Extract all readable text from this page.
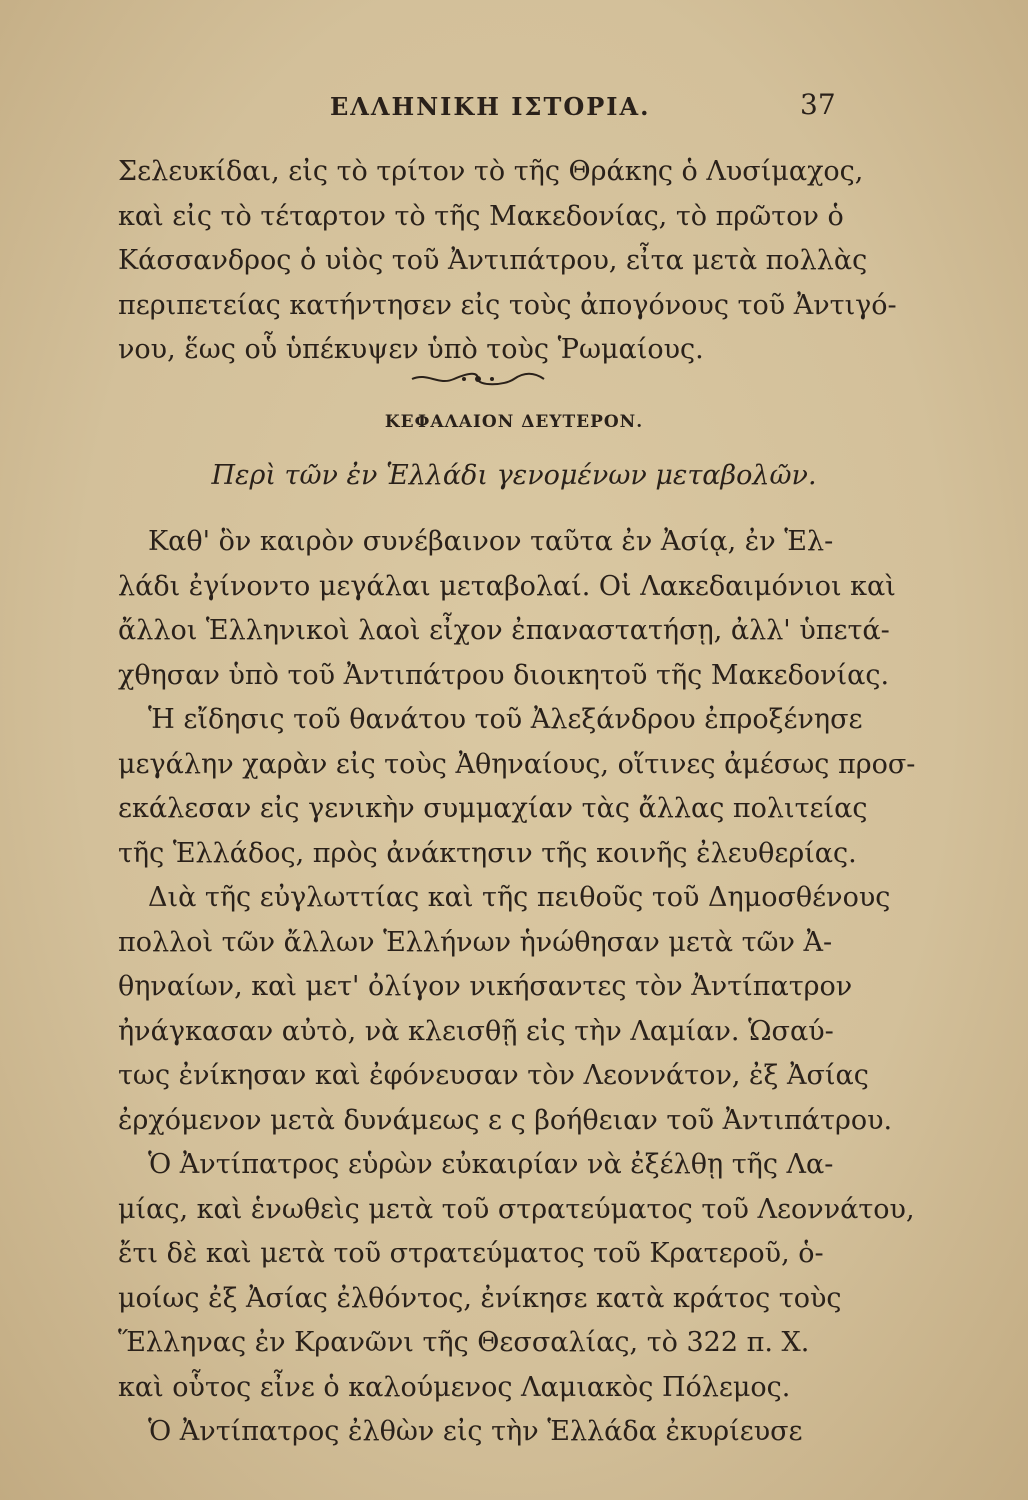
ΕΛΛΗΝΙΚΗ ΙΣΤΟΡΙΑ.	37
Σελευκίδαι, εἰς τὸ τρίτον τὸ τῆς Θράκης ὁ Λυσίμαχος,
καὶ εἰς τὸ τέταρτον τὸ τῆς Μακεδονίας, τὸ πρῶτον ὁ
Κάσσανδρος ὁ υἱὸς τοῦ Ἀντιπάτρου, εἶτα μετὰ πολλὰς
περιπετείας κατήντησεν εἰς τοὺς ἀπογόνους τοῦ Ἀντιγό-
νου, ἕως οὗ ὑπέκυψεν ὑπὸ τοὺς Ῥωμαίους.
ΚΕΦΑΛΑΙΟΝ ΔΕΥΤΕΡΟΝ.
Περὶ τῶν ἐν Ἑλλάδι γενομένων μεταβολῶν.
Καθ' ὃν καιρὸν συνέβαινον ταῦτα ἐν Ἀσίᾳ, ἐν Ἑλ-
λάδι ἐγίνοντο μεγάλαι μεταβολαί. Οἱ Λακεδαιμόνιοι καὶ
ἄλλοι Ἑλληνικοὶ λαοὶ εἶχον ἐπαναστατήσῃ, ἀλλ' ὑπετά-
χθησαν ὑπὸ τοῦ Ἀντιπάτρου διοικητοῦ τῆς Μακεδονίας.
Ἡ εἴδησις τοῦ θανάτου τοῦ Ἀλεξάνδρου ἐπροξένησε
μεγάλην χαρὰν εἰς τοὺς Ἀθηναίους, οἵτινες ἀμέσως προσ-
εκάλεσαν εἰς γενικὴν συμμαχίαν τὰς ἄλλας πολιτείας
τῆς Ἑλλάδος, πρὸς ἀνάκτησιν τῆς κοινῆς ἐλευθερίας.
Διὰ τῆς εὐγλωττίας καὶ τῆς πειθοῦς τοῦ Δημοσθένους
πολλοὶ τῶν ἄλλων Ἑλλήνων ἡνώθησαν μετὰ τῶν Ἀ-
θηναίων, καὶ μετ' ὀλίγον νικήσαντες τὸν Ἀντίπατρον
ἠνάγκασαν αὐτὸ, νὰ κλεισθῇ εἰς τὴν Λαμίαν. Ὡσαύ-
τως ἐνίκησαν καὶ ἐφόνευσαν τὸν Λεοννάτον, ἐξ Ἀσίας
ἐρχόμενον μετὰ δυνάμεως ε ς βοήθειαν τοῦ Ἀντιπάτρου.
Ὁ Ἀντίπατρος εὑρὼν εὐκαιρίαν νὰ ἐξέλθῃ τῆς Λα-
μίας, καὶ ἑνωθεὶς μετὰ τοῦ στρατεύματος τοῦ Λεοννάτου,
ἔτι δὲ καὶ μετὰ τοῦ στρατεύματος τοῦ Κρατεροῦ, ὁ-
μοίως ἐξ Ἀσίας ἐλθόντος, ἐνίκησε κατὰ κράτος τοὺς
Ἕλληνας ἐν Κρανῶνι τῆς Θεσσαλίας, τὸ 322 π. Χ.
καὶ οὗτος εἶνε ὁ καλούμενος Λαμιακὸς Πόλεμος.
Ὁ Ἀντίπατρος ἐλθὼν εἰς τὴν Ἑλλάδα ἐκυρίευσε
